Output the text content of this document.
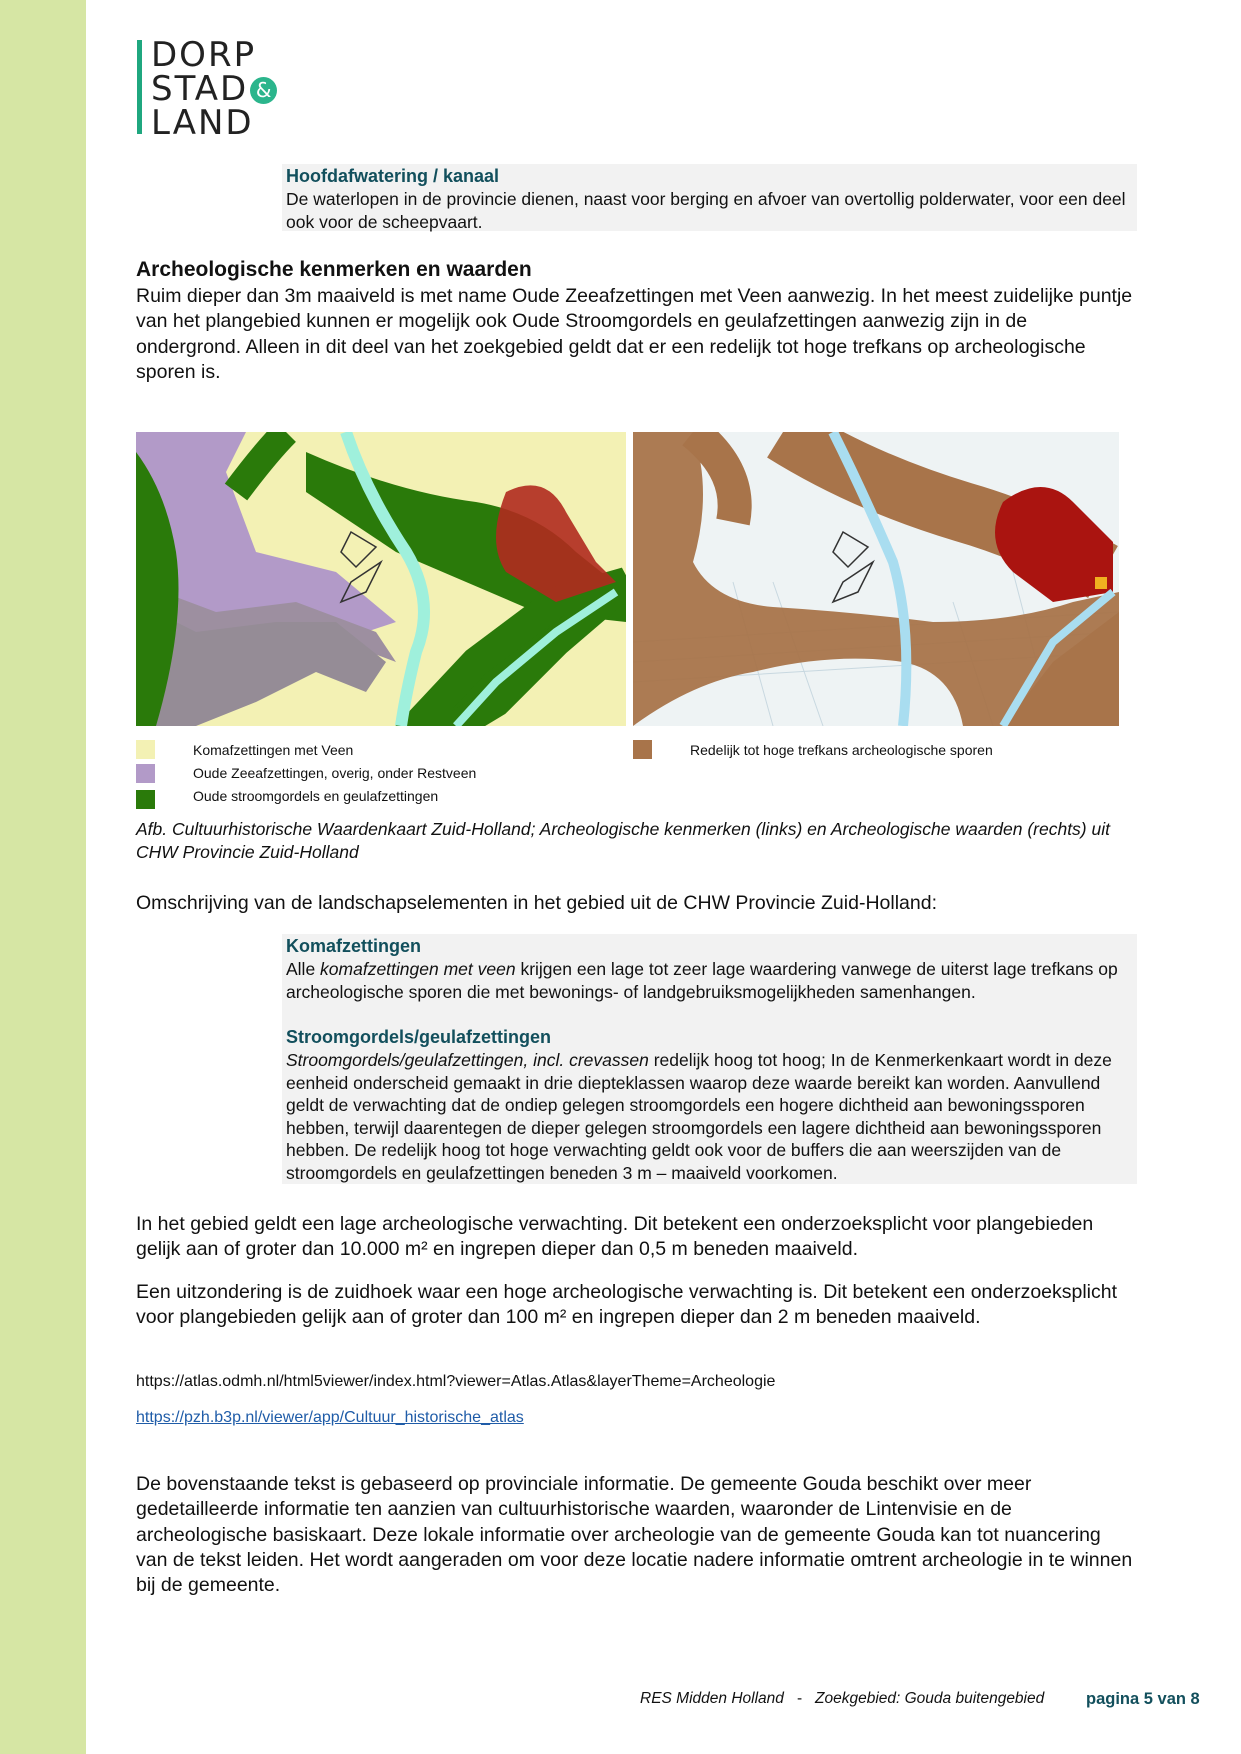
DORP
STAD &
LAND
Hoofdafwatering / kanaal

De waterlopen in de provincie dienen, naast voor berging en afvoer van overtollig polderwater, voor een deel ook voor de scheepvaart.

Archeologische kenmerken en waarden

Ruim dieper dan 3m maaiveld is met name Oude Zeeafzettingen met Veen aanwezig. In het meest zuidelijke puntje van het plangebied kunnen er mogelijk ook Oude Stroomgordels en geulafzettingen aanwezig zijn in de ondergrond. Alleen in dit deel van het zoekgebied geldt dat er een redelijk tot hoge trefkans op archeologische sporen is.

Komafzettingen met Veen
Oude Zeeafzettingen, overig, onder Restveen
Oude stroomgordels en geulafzettingen
Redelijk tot hoge trefkans archeologische sporen
Afb. Cultuurhistorische Waardenkaart Zuid-Holland; Archeologische kenmerken (links) en Archeologische waarden (rechts) uit CHW Provincie Zuid-Holland

Omschrijving van de landschapselementen in het gebied uit de CHW Provincie Zuid-Holland:

Komafzettingen

Alle komafzettingen met veen krijgen een lage tot zeer lage waardering vanwege de uiterst lage trefkans op archeologische sporen die met bewonings- of landgebruiksmogelijkheden samenhangen.

Stroomgordels/geulafzettingen

Stroomgordels/geulafzettingen, incl. crevassen redelijk hoog tot hoog; In de Kenmerkenkaart wordt in deze eenheid onderscheid gemaakt in drie diepteklassen waarop deze waarde bereikt kan worden. Aanvullend geldt de verwachting dat de ondiep gelegen stroomgordels een hogere dichtheid aan bewoningssporen hebben, terwijl daarentegen de dieper gelegen stroomgordels een lagere dichtheid aan bewoningssporen hebben. De redelijk hoog tot hoge verwachting geldt ook voor de buffers die aan weerszijden van de stroomgordels en geulafzettingen beneden 3 m – maaiveld voorkomen.

In het gebied geldt een lage archeologische verwachting. Dit betekent een onderzoeksplicht voor plangebieden gelijk aan of groter dan 10.000 m² en ingrepen dieper dan 0,5 m beneden maaiveld.

Een uitzondering is de zuidhoek waar een hoge archeologische verwachting is. Dit betekent een onderzoeksplicht voor plangebieden gelijk aan of groter dan 100 m² en ingrepen dieper dan 2 m beneden maaiveld.

https://atlas.odmh.nl/html5viewer/index.html?viewer=Atlas.Atlas&layerTheme=Archeologie
https://pzh.b3p.nl/viewer/app/Cultuur_historische_atlas

De bovenstaande tekst is gebaseerd op provinciale informatie. De gemeente Gouda beschikt over meer gedetailleerde informatie ten aanzien van cultuurhistorische waarden, waaronder de Lintenvisie en de archeologische basiskaart. Deze lokale informatie over archeologie van de gemeente Gouda kan tot nuancering van de tekst leiden. Het wordt aangeraden om voor deze locatie nadere informatie omtrent archeologie in te winnen bij de gemeente.

RES Midden Holland - Zoekgebied: Gouda buitengebied	pagina 5 van 8
